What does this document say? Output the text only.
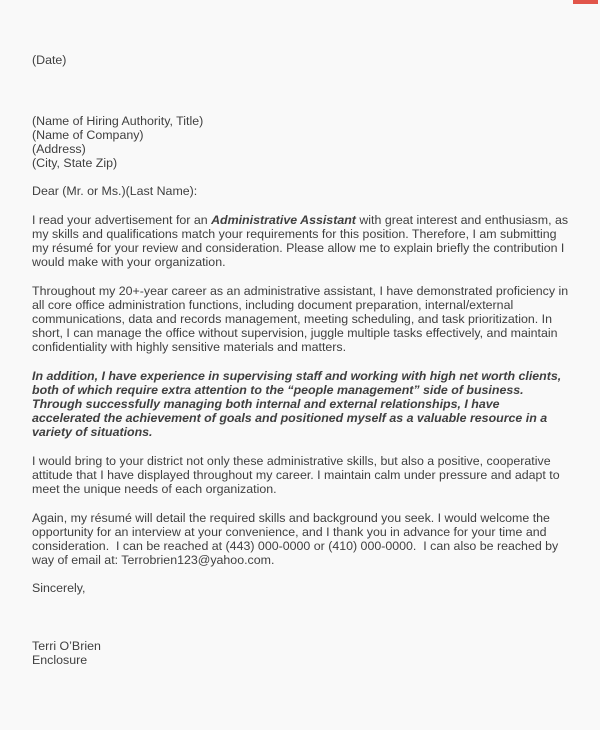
(Date)

(Name of Hiring Authority, Title)

(Name of Company)

(Address)

(City, State Zip)

Dear (Mr. or Ms.)(Last Name):

I read your advertisement for an Administrative Assistant with great interest and enthusiasm, as my skills and qualifications match your requirements for this position. Therefore, I am submitting my résumé for your review and consideration. Please allow me to explain briefly the contribution I would make with your organization.

Throughout my 20+-year career as an administrative assistant, I have demonstrated proficiency in all core office administration functions, including document preparation, internal/external communications, data and records management, meeting scheduling, and task prioritization. In short, I can manage the office without supervision, juggle multiple tasks effectively, and maintain confidentiality with highly sensitive materials and matters.

In addition, I have experience in supervising staff and working with high net worth clients, both of which require extra attention to the “people management” side of business. Through successfully managing both internal and external relationships, I have accelerated the achievement of goals and positioned myself as a valuable resource in a variety of situations.

I would bring to your district not only these administrative skills, but also a positive, cooperative attitude that I have displayed throughout my career. I maintain calm under pressure and adapt to meet the unique needs of each organization.

Again, my résumé will detail the required skills and background you seek. I would welcome the opportunity for an interview at your convenience, and I thank you in advance for your time and consideration.  I can be reached at (443) 000-0000 or (410) 000-0000.  I can also be reached by way of email at: Terrobrien123@yahoo.com.

Sincerely,

Terri O’Brien

Enclosure
